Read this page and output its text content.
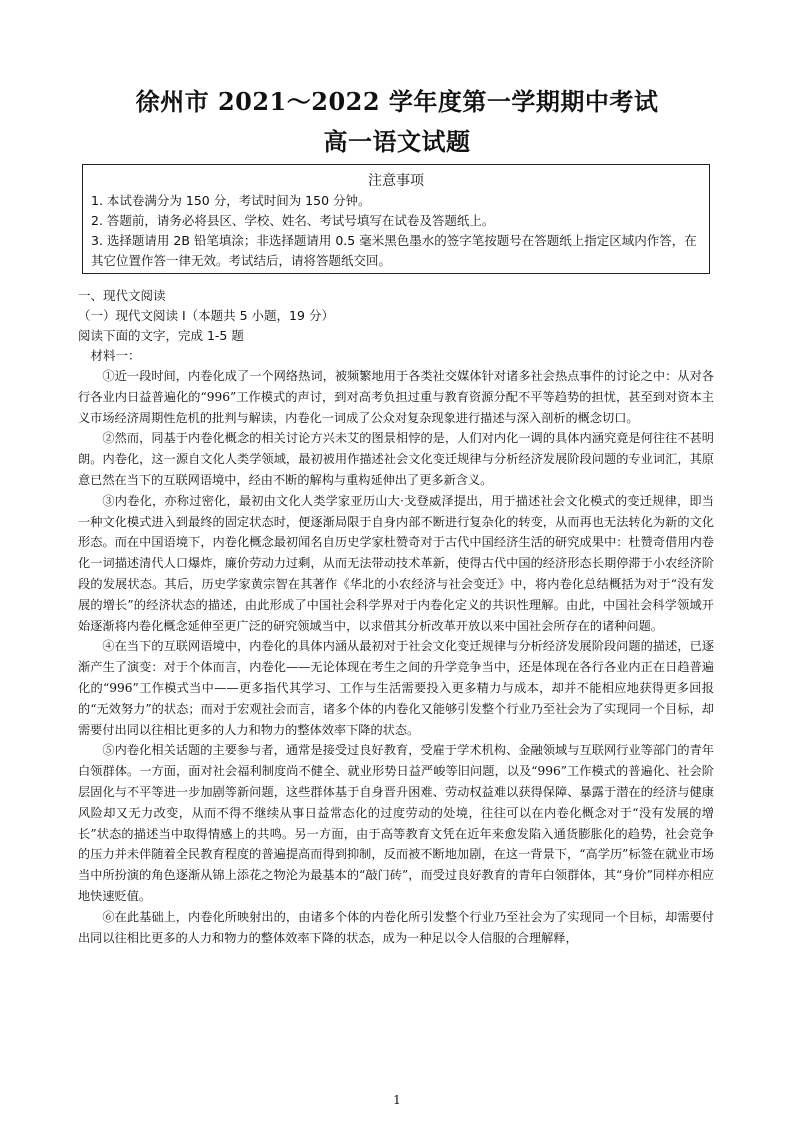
徐州市 2021～2022 学年度第一学期期中考试
高一语文试题

注意事项

1. 本试卷满分为 150 分，考试时间为 150 分钟。

2. 答题前，请务必将县区、学校、姓名、考试号填写在试卷及答题纸上。

3. 选择题请用 2B 铅笔填涂；非选择题请用 0.5 毫米黑色墨水的签字笔按题号在答题纸上指定区域内作答，在其它位置作答一律无效。考试结后，请将答题纸交回。

一、现代文阅读

（一）现代文阅读 I（本题共 5 小题，19 分）

阅读下面的文字，完成 1-5 题

材料一：

①近一段时间，内卷化成了一个网络热词，被频繁地用于各类社交媒体针对诸多社会热点事件的讨论之中：从对各行各业内日益普遍化的“996”工作模式的声讨，到对高考负担过重与教育资源分配不平等趋势的担忧，甚至到对资本主义市场经济周期性危机的批判与解读，内卷化一词成了公众对复杂现象进行描述与深入剖析的概念切口。

②然而，同基于内卷化概念的相关讨论方兴未艾的图景相悖的是，人们对内化一调的具体内涵究竟是何往往不甚明朗。内卷化，这一源自文化人类学领域，最初被用作描述社会文化变迁规律与分析经济发展阶段问题的专业词汇，其原意已然在当下的互联网语境中，经由不断的解构与重构延伸出了更多新含义。

③内卷化，亦称过密化，最初由文化人类学家亚历山大·戈登威泽提出，用于描述社会文化模式的变迁规律，即当一种文化模式进入到最终的固定状态时，便逐渐局限于自身内部不断进行复杂化的转变，从而再也无法转化为新的文化形态。而在中国语境下，内卷化概念最初闻名自历史学家杜赞奇对于古代中国经济生活的研究成果中：杜赞奇借用内卷化一词描述清代人口爆炸，廉价劳动力过剩，从而无法带动技术革新，使得古代中国的经济形态长期停滞于小农经济阶段的发展状态。其后，历史学家黄宗智在其著作《华北的小农经济与社会变迁》中，将内卷化总结概括为对于“没有发展的增长”的经济状态的描述，由此形成了中国社会科学界对于内卷化定义的共识性理解。由此，中国社会科学领域开始逐渐将内卷化概念延伸至更广泛的研究领域当中，以求借其分析改革开放以来中国社会所存在的诸种问题。

④在当下的互联网语境中，内卷化的具体内涵从最初对于社会文化变迁规律与分析经济发展阶段问题的描述，已逐渐产生了演变：对于个体而言，内卷化——无论体现在考生之间的升学竞争当中，还是体现在各行各业内正在日趋普遍化的“996”工作模式当中——更多指代其学习、工作与生活需要投入更多精力与成本，却并不能相应地获得更多回报的“无效努力”的状态；而对于宏观社会而言，诸多个体的内卷化又能够引发整个行业乃至社会为了实现同一个目标，却需要付出同以往相比更多的人力和物力的整体效率下降的状态。

⑤内卷化相关话题的主要参与者，通常是接受过良好教育，受雇于学术机构、金融领域与互联网行业等部门的青年白领群体。一方面，面对社会福利制度尚不健全、就业形势日益严峻等旧问题，以及“996”工作模式的普遍化、社会阶层固化与不平等进一步加剧等新问题，这些群体基于自身晋升困难、劳动权益难以获得保障、暴露于潜在的经济与健康风险却又无力改变，从而不得不继续从事日益常态化的过度劳动的处境，往往可以在内卷化概念对于“没有发展的增长”状态的描述当中取得情感上的共鸣。另一方面，由于高等教育文凭在近年来愈发陷入通货膨胀化的趋势，社会竞争的压力并未伴随着全民教育程度的普遍提高而得到抑制，反而被不断地加剧，在这一背景下，“高学历”标签在就业市场当中所扮演的角色逐渐从锦上添花之物沦为最基本的“敲门砖”，而受过良好教育的青年白领群体，其“身价”同样亦相应地快速贬值。

⑥在此基础上，内卷化所映射出的，由诸多个体的内卷化所引发整个行业乃至社会为了实现同一个目标，却需要付出同以往相比更多的人力和物力的整体效率下降的状态，成为一种足以令人信服的合理解释，

1
